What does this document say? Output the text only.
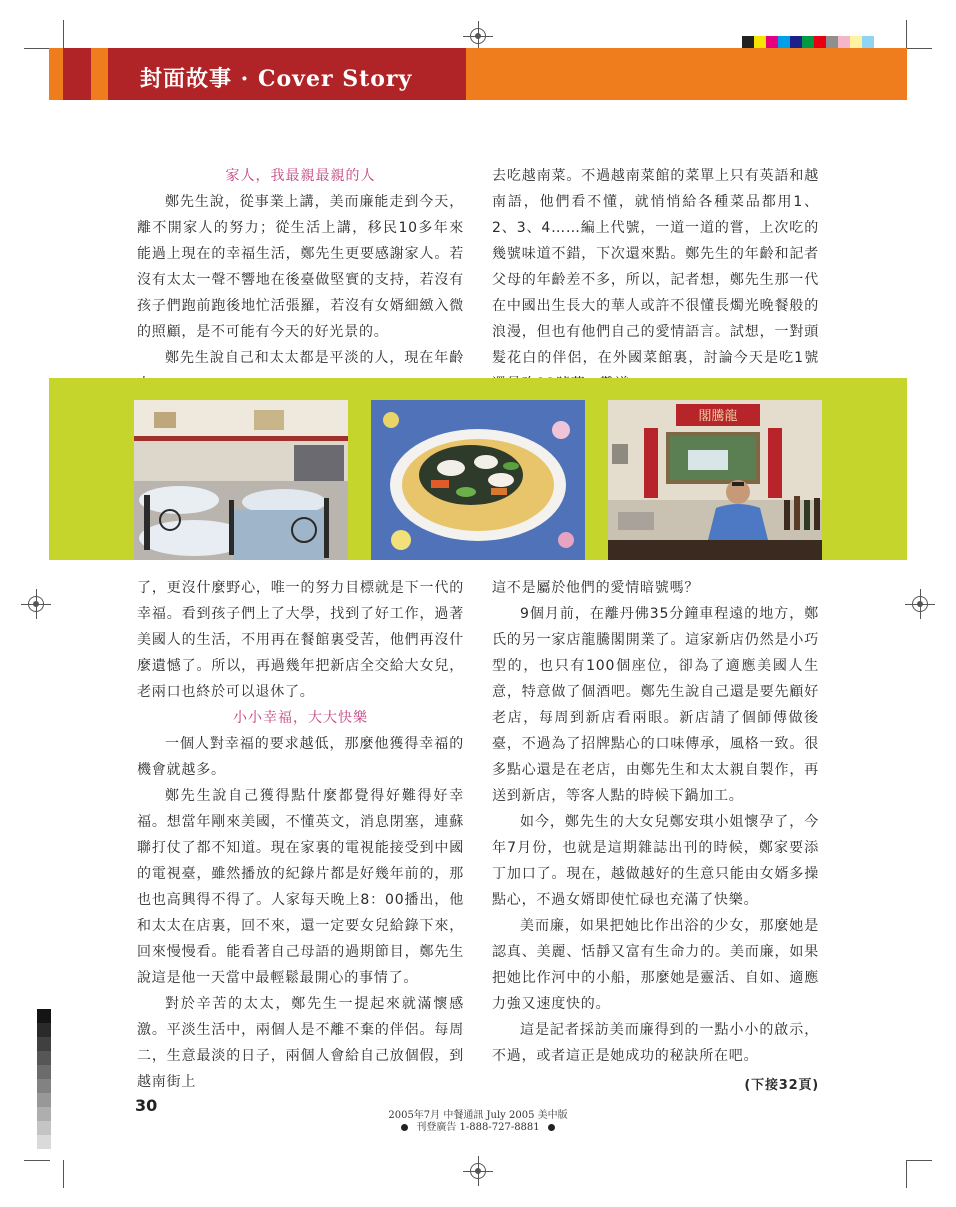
封面故事 · Cover Story
家人，我最親最親的人

鄭先生說，從事業上講，美而廉能走到今天，離不開家人的努力；從生活上講，移民10多年來能過上現在的幸福生活，鄭先生更要感謝家人。若沒有太太一聲不響地在後臺做堅實的支持，若沒有孩子們跑前跑後地忙活張羅，若沒有女婿細緻入微的照顧，是不可能有今天的好光景的。

鄭先生說自己和太太都是平淡的人，現在年齡

去吃越南菜。不過越南菜館的菜單上只有英語和越南語，他們看不懂，就悄悄給各種菜品都用1、2、3、4……編上代號，一道一道的嘗，上次吃的幾號味道不錯，下次還來點。鄭先生的年齡和記者父母的年齡差不多，所以，記者想，鄭先生那一代在中國出生長大的華人或許不很懂長燭光晚餐般的浪漫，但也有他們自己的愛情語言。試想，一對頭髮花白的伴侶，在外國菜館裏，討論今天是吃1號

閣騰龍

了，更沒什麼野心，唯一的努力目標就是下一代的幸福。看到孩子們上了大學，找到了好工作，過著美國人的生活，不用再在餐館裏受苦，他們再沒什麼遺憾了。所以，再過幾年把新店全交給大女兒，老兩口也終於可以退休了。

小小幸福，大大快樂

一個人對幸福的要求越低，那麼他獲得幸福的機會就越多。

鄭先生說自己獲得點什麼都覺得好難得好幸福。想當年剛來美國，不懂英文，消息閉塞，連蘇聯打仗了都不知道。現在家裏的電視能接受到中國的電視臺，雖然播放的紀錄片都是好幾年前的，那也也高興得不得了。人家每天晚上8：00播出，他和太太在店裏，回不來，還一定要女兒給錄下來，回來慢慢看。能看著自己母語的過期節目，鄭先生說這是他一天當中最輕鬆最開心的事情了。

對於辛苦的太太，鄭先生一提起來就滿懷感激。平淡生活中，兩個人是不離不棄的伴侶。每周二，生意最淡的日子，兩個人會給自己放個假，到越南街上

這不是屬於他們的愛情暗號嗎？

9個月前，在離丹佛35分鐘車程遠的地方，鄭氏的另一家店龍騰閣開業了。這家新店仍然是小巧型的，也只有100個座位，卻為了適應美國人生意，特意做了個酒吧。鄭先生說自己還是要先顧好老店，每周到新店看兩眼。新店請了個師傅做後臺，不過為了招牌點心的口味傳承，風格一致。很多點心還是在老店，由鄭先生和太太親自製作，再送到新店，等客人點的時候下鍋加工。

如今，鄭先生的大女兒鄭安琪小姐懷孕了，今年7月份，也就是這期雜誌出刊的時候，鄭家要添丁加口了。現在，越做越好的生意只能由女婿多操點心，不過女婿即使忙碌也充滿了快樂。

美而廉，如果把她比作出浴的少女，那麼她是認真、美麗、恬靜又富有生命力的。美而廉，如果把她比作河中的小船，那麼她是靈活、自如、適應力強又速度快的。

這是記者採訪美而廉得到的一點小小的啟示，不過，或者這正是她成功的秘訣所在吧。

(下接32頁)
30
2005年7月 中餐通訊 July 2005 美中版
刊登廣告 1-888-727-8881
